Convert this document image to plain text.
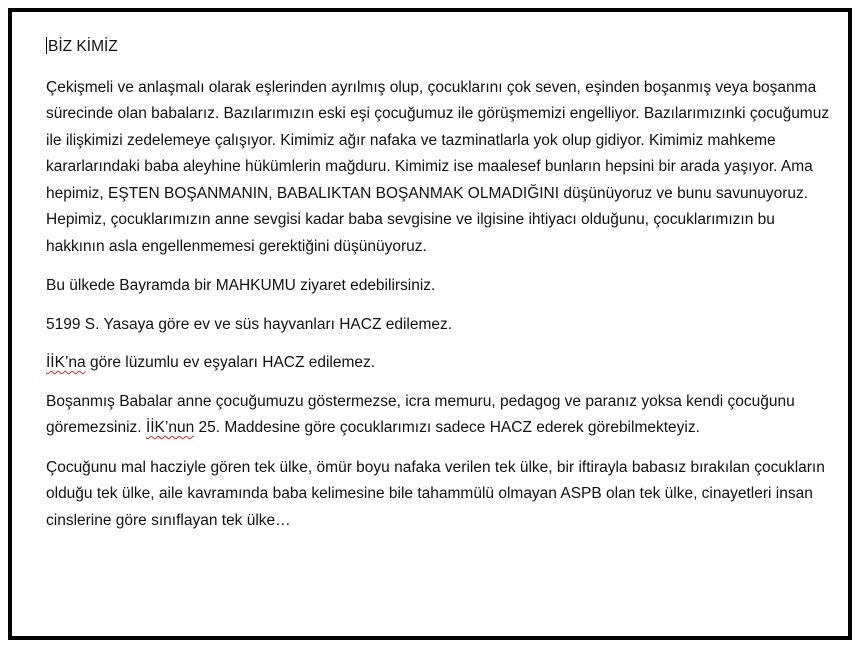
BİZ KİMİZ

Çekişmeli ve anlaşmalı olarak eşlerinden ayrılmış olup, çocuklarını çok seven, eşinden boşanmış veya boşanma sürecinde olan babalarız. Bazılarımızın eski eşi çocuğumuz ile görüşmemizi engelliyor. Bazılarımızınki çocuğumuz ile ilişkimizi zedelemeye çalışıyor. Kimimiz ağır nafaka ve tazminatlarla yok olup gidiyor. Kimimiz mahkeme kararlarındaki baba aleyhine hükümlerin mağduru. Kimimiz ise maalesef bunların hepsini bir arada yaşıyor. Ama hepimiz, EŞTEN BOŞANMANIN, BABALIKTAN BOŞANMAK OLMADIĞINI düşünüyoruz ve bunu savunuyoruz. Hepimiz, çocuklarımızın anne sevgisi kadar baba sevgisine ve ilgisine ihtiyacı olduğunu, çocuklarımızın bu hakkının asla engellenmemesi gerektiğini düşünüyoruz.

Bu ülkede Bayramda bir MAHKUMU ziyaret edebilirsiniz.

5199 S. Yasaya göre ev ve süs hayvanları HACZ edilemez.

İİK’na göre lüzumlu ev eşyaları HACZ edilemez.

Boşanmış Babalar anne çocuğumuzu göstermezse, icra memuru, pedagog ve paranız yoksa kendi çocuğunu göremezsiniz. İİK’nun 25. Maddesine göre çocuklarımızı sadece HACZ ederek görebilmekteyiz.

Çocuğunu mal hacziyle gören tek ülke, ömür boyu nafaka verilen tek ülke, bir iftirayla babasız bırakılan çocukların olduğu tek ülke, aile kavramında baba kelimesine bile tahammülü olmayan ASPB olan tek ülke, cinayetleri insan cinslerine göre sınıflayan tek ülke…
